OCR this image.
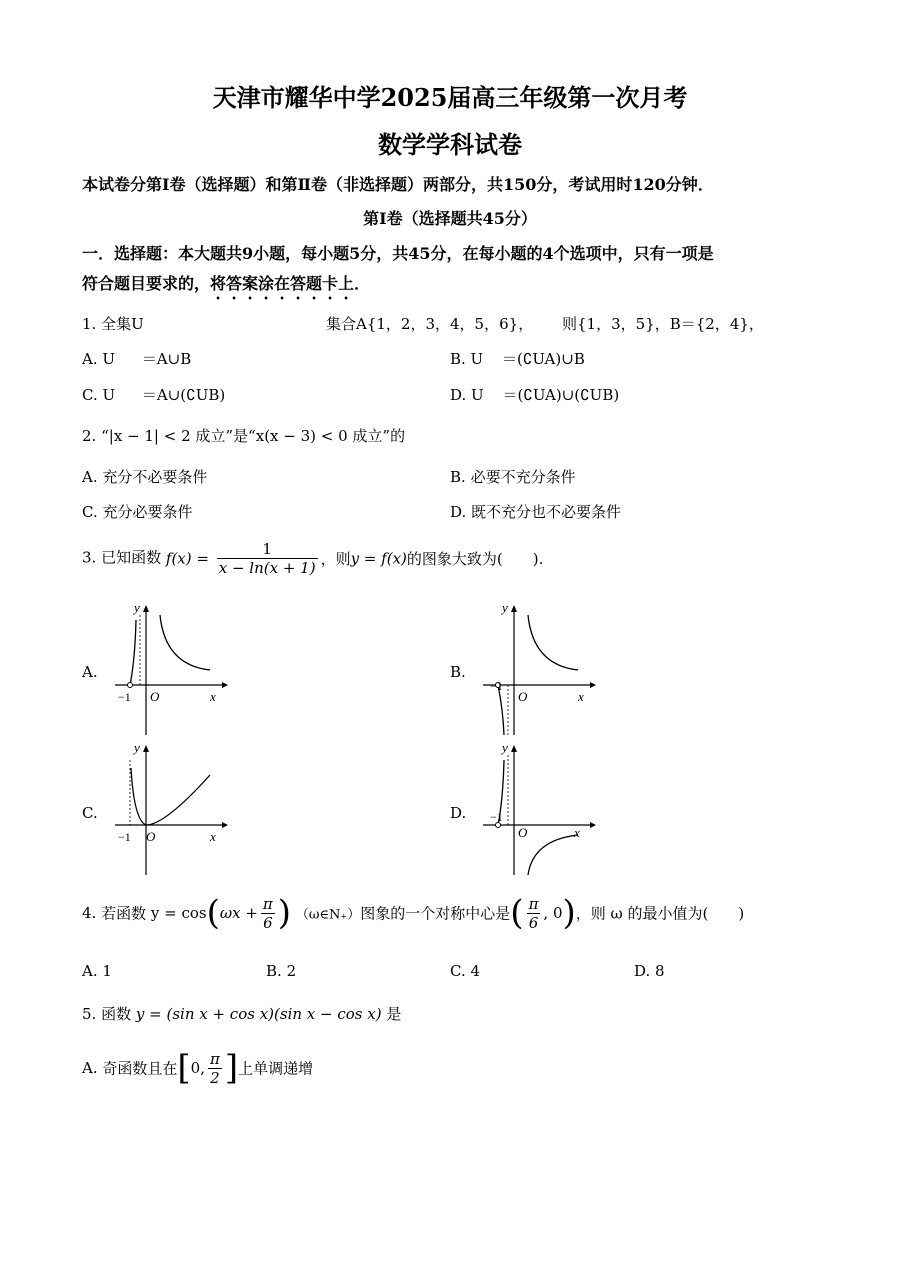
天津市耀华中学2025届高三年级第一次月考
数学学科试卷
本试卷分第Ⅰ卷（选择题）和第Ⅱ卷（非选择题）两部分，共150分，考试用时120分钟．
第Ⅰ卷（选择题共45分）
一．选择题：本大题共9小题，每小题5分，共45分，在每小题的4个选项中，只有一项是
符合题目要求的，将答案涂在答题卡上．
1. 全集U	集合A{1，2，3，4，5，6}， 则{1，3，5}，B＝{2，4}，
A. U ＝A∪B	B. U ＝(∁UA)∪B
C. U ＝A∪(∁UB)	D. U ＝(∁UA)∪(∁UB)
2. “|x − 1| < 2 成立”是“x(x − 3) < 0 成立”的
A. 充分不必要条件	B. 必要不充分条件
C. 充分必要条件	D. 既不充分也不必要条件
3. 已知函数 $f(x) = \frac{1}{x - \ln(x + 1)}$ ，则y = f(x)的图象大致为(　　).
A.	B.
C.	D.
y
x
O
−1
y
x
O
−1
y
x
O
−1
y
x
O
−1
4. 若函数 $y = \cos(\omega x + \frac{\pi}{6}$ ) （ω∈N₊）图象的一个对称中心是( $\frac{\pi}{6}$ , 0)，则 ω 的最小值为(　　)
A. 1	B. 2	C. 4	D. 8
5. 函数 y = (sin x + cos x)(sin x − cos x) 是
A. 奇函数且在[0, $\frac{\pi}{2}$ ]上单调递增
